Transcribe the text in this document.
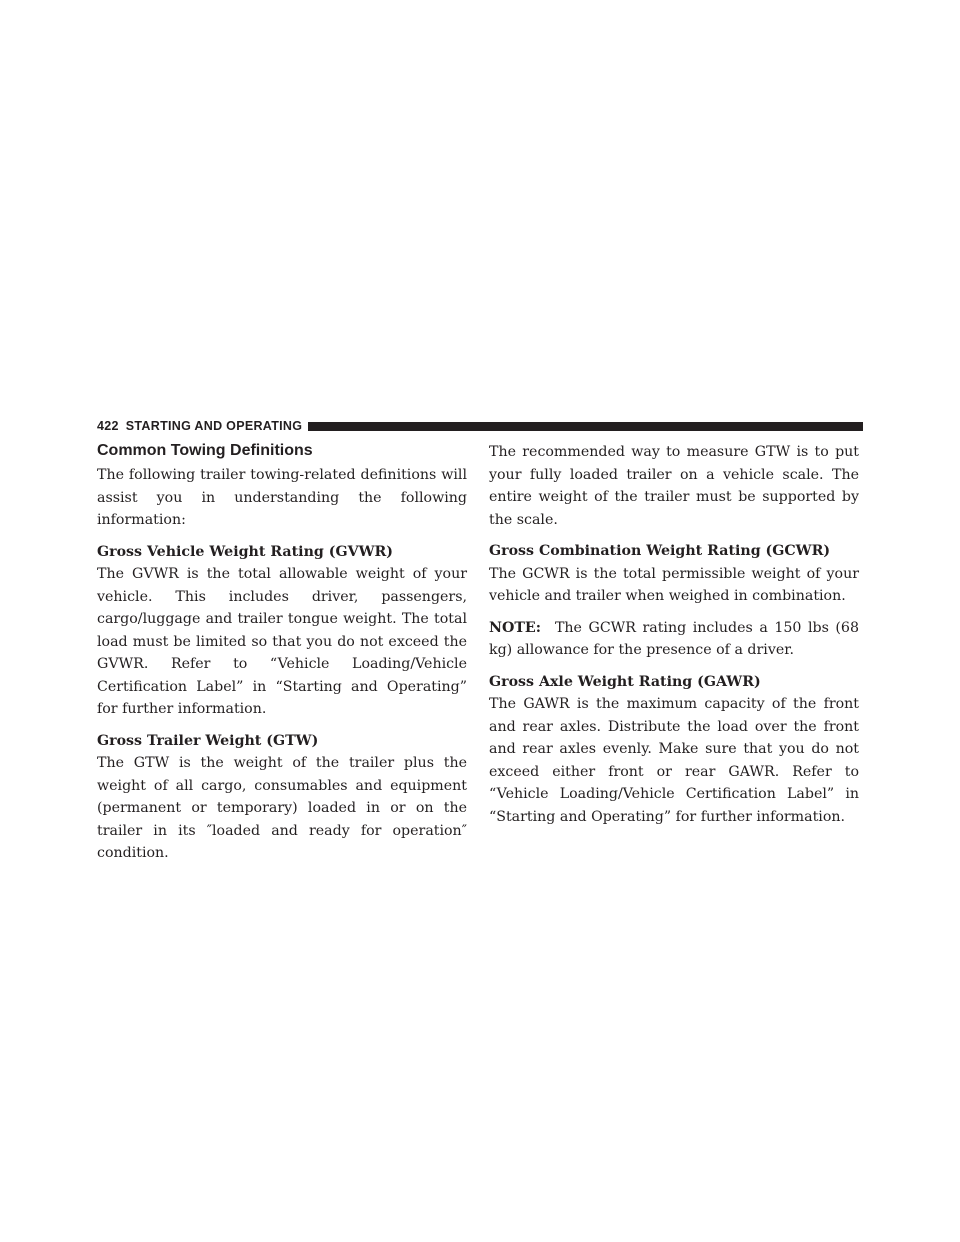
422 STARTING AND OPERATING
Common Towing Definitions

The following trailer towing-related definitions will assist you in understanding the following information:

Gross Vehicle Weight Rating (GVWR)

The GVWR is the total allowable weight of your vehicle. This includes driver, passengers, cargo/luggage and trailer tongue weight. The total load must be limited so that you do not exceed the GVWR. Refer to “Vehicle Loading/Vehicle Certification Label” in “Starting and Operating” for further information.

Gross Trailer Weight (GTW)

The GTW is the weight of the trailer plus the weight of all cargo, consumables and equipment (permanent or temporary) loaded in or on the trailer in its ″loaded and ready for operation″ condition.

The recommended way to measure GTW is to put your fully loaded trailer on a vehicle scale. The entire weight of the trailer must be supported by the scale.

Gross Combination Weight Rating (GCWR)

The GCWR is the total permissible weight of your vehicle and trailer when weighed in combination.

NOTE: The GCWR rating includes a 150 lbs (68 kg) allowance for the presence of a driver.

Gross Axle Weight Rating (GAWR)

The GAWR is the maximum capacity of the front and rear axles. Distribute the load over the front and rear axles evenly. Make sure that you do not exceed either front or rear GAWR. Refer to “Vehicle Loading/Vehicle Certification Label” in “Starting and Operating” for further information.
